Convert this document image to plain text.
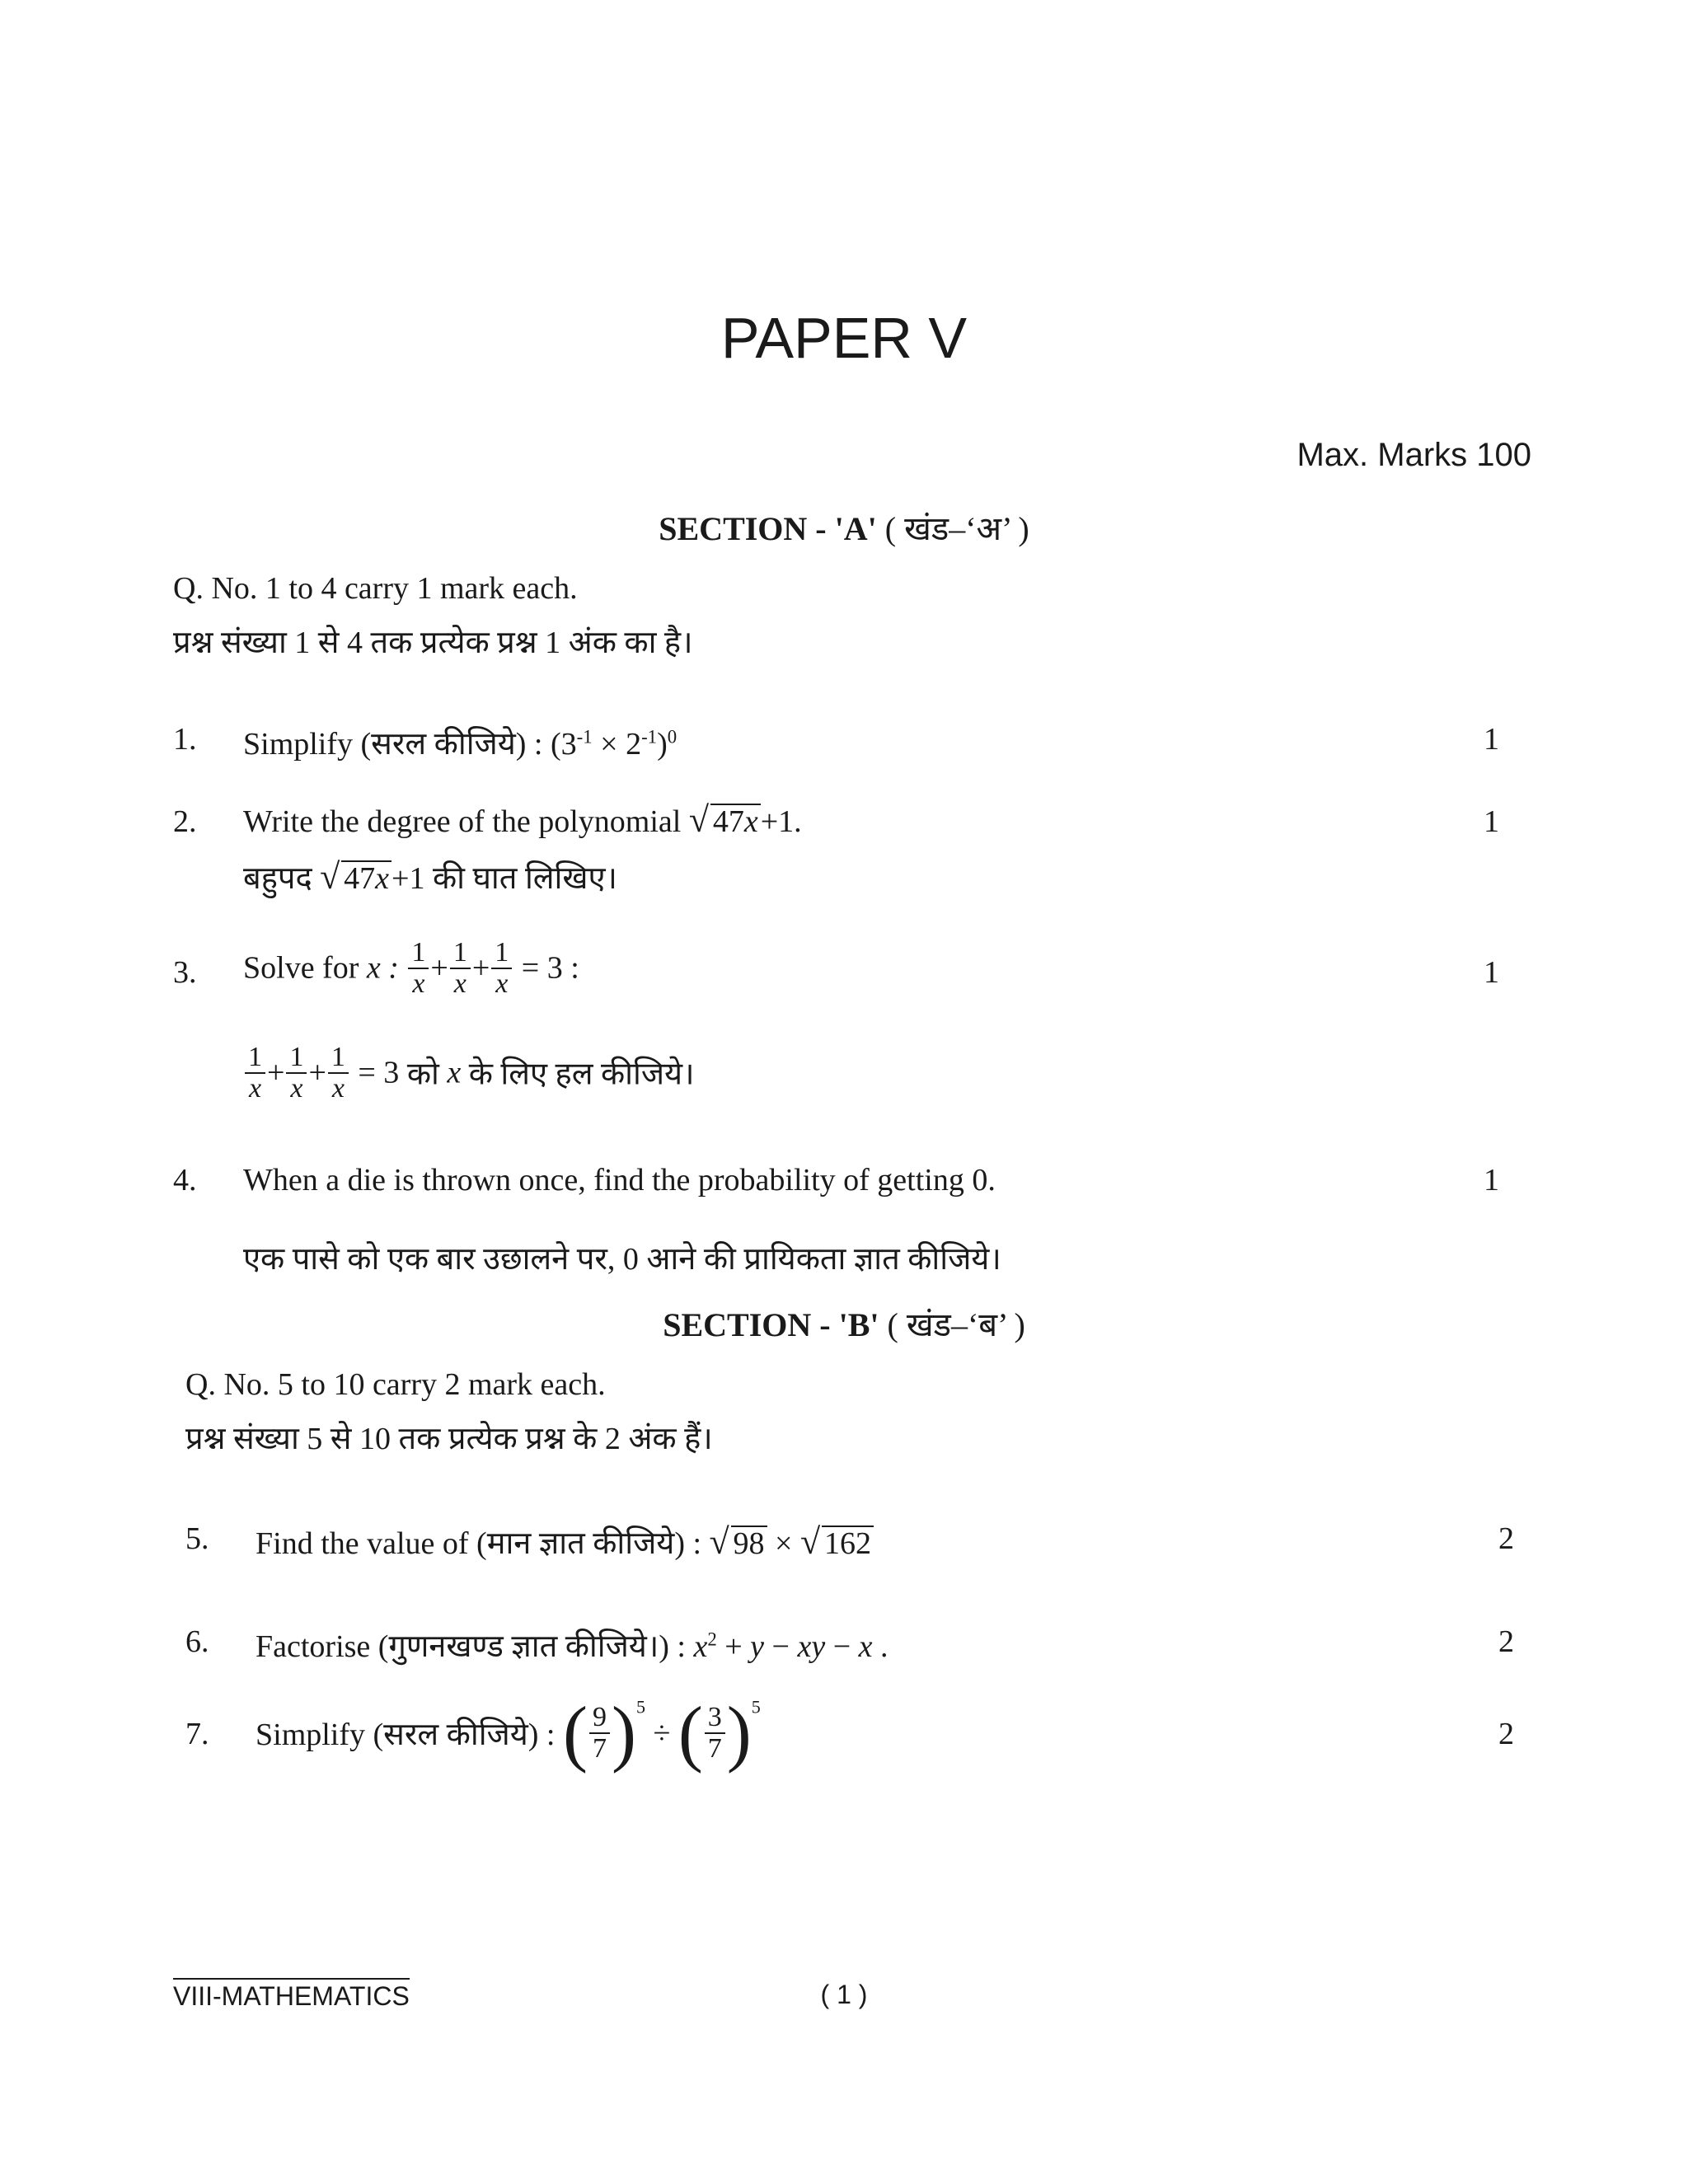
PAPER V
Max. Marks 100
SECTION - 'A' ( खंड–‘अ’ )
Q. No. 1 to 4 carry 1 mark each.
प्रश्न संख्या 1 से 4 तक प्रत्येक प्रश्न 1 अंक का है।
1. Simplify (सरल कीजिये) : $(3^{-1} \times 2^{-1})^0$	1
2. Write the degree of the polynomial √ 47x+1.
बहुपद √ 47x+1 की घात लिखिए।
1
3. Solve for x : $\frac{1}{x} + \frac{1}{x} + \frac{1}{x} = 3$ :
$\frac{1}{x} + \frac{1}{x} + \frac{1}{x} = 3$ को x के लिए हल कीजिये।
1
4. When a die is thrown once, find the probability of getting 0.
एक पासे को एक बार उछालने पर, 0 आने की प्रायिकता ज्ञात कीजिये।
1
SECTION - 'B' ( खंड–‘ब’ )
Q. No. 5 to 10 carry 2 mark each.
प्रश्न संख्या 5 से 10 तक प्रत्येक प्रश्न के 2 अंक हैं।
5. Find the value of (मान ज्ञात कीजिये) : √ 98 × √ 162	2
6. Factorise (गुणनखण्ड ज्ञात कीजिये।) : $x^2 + y$ − xy − x .	2
7. Simplify (सरल कीजिये) : ( $\frac{9}{7} )^5$ ÷ ( $\frac{3}{7} )^5$
2
VIII-MATHEMATICS	( 1 )
